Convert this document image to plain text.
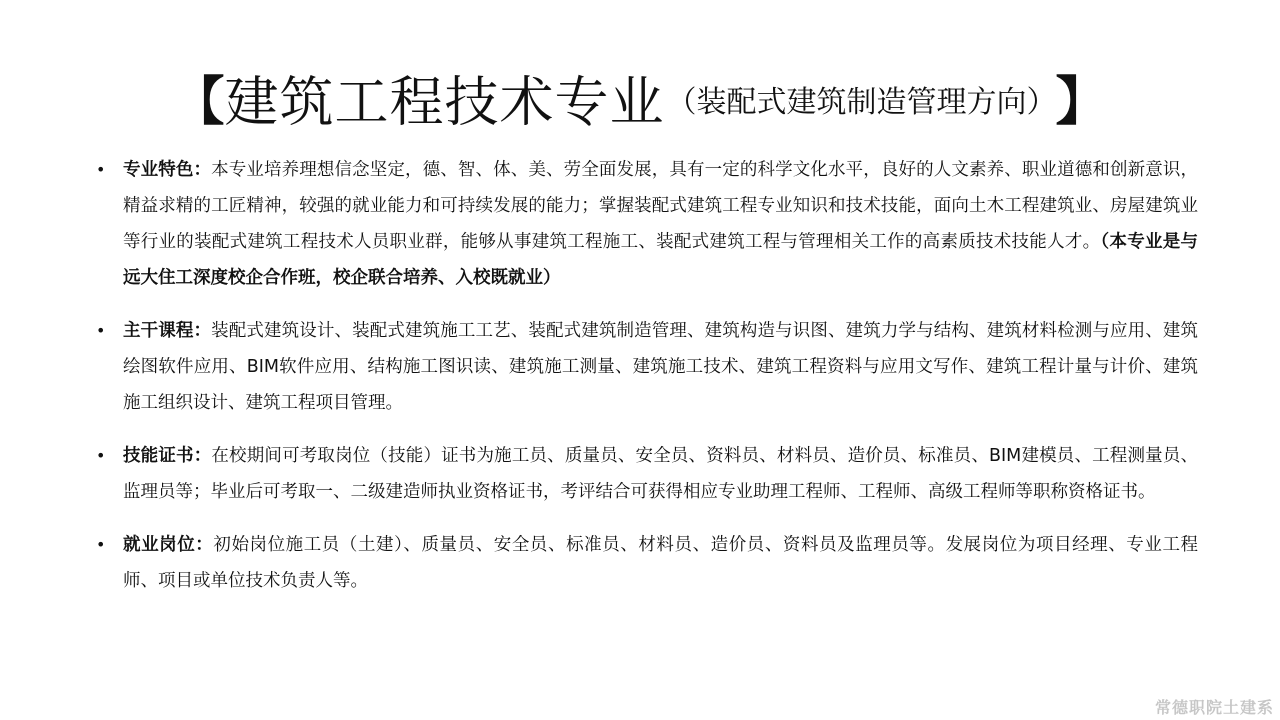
【建筑工程技术专业（装配式建筑制造管理方向） 】
• 专业特色：本专业培养理想信念坚定，德、智、体、美、劳全面发展，具有一定的科学文化水平，良好的人文素养、职业道德和创新意识，精益求精的工匠精神，较强的就业能力和可持续发展的能力；掌握装配式建筑工程专业知识和技术技能，面向土木工程建筑业、房屋建筑业等行业的装配式建筑工程技术人员职业群，能够从事建筑工程施工、装配式建筑工程与管理相关工作的高素质技术技能人才。（本专业是与远大住工深度校企合作班，校企联合培养、入校既就业）
• 主干课程：装配式建筑设计、装配式建筑施工工艺、装配式建筑制造管理、建筑构造与识图、建筑力学与结构、建筑材料检测与应用、建筑绘图软件应用、BIM软件应用、结构施工图识读、建筑施工测量、建筑施工技术、建筑工程资料与应用文写作、建筑工程计量与计价、建筑施工组织设计、建筑工程项目管理。
• 技能证书：在校期间可考取岗位（技能）证书为施工员、质量员、安全员、资料员、材料员、造价员、标准员、BIM建模员、工程测量员、监理员等；毕业后可考取一、二级建造师执业资格证书，考评结合可获得相应专业助理工程师、工程师、高级工程师等职称资格证书。
• 就业岗位：初始岗位施工员（土建）、质量员、安全员、标准员、材料员、造价员、资料员及监理员等。发展岗位为项目经理、专业工程师、项目或单位技术负责人等。
常德职院土建系
